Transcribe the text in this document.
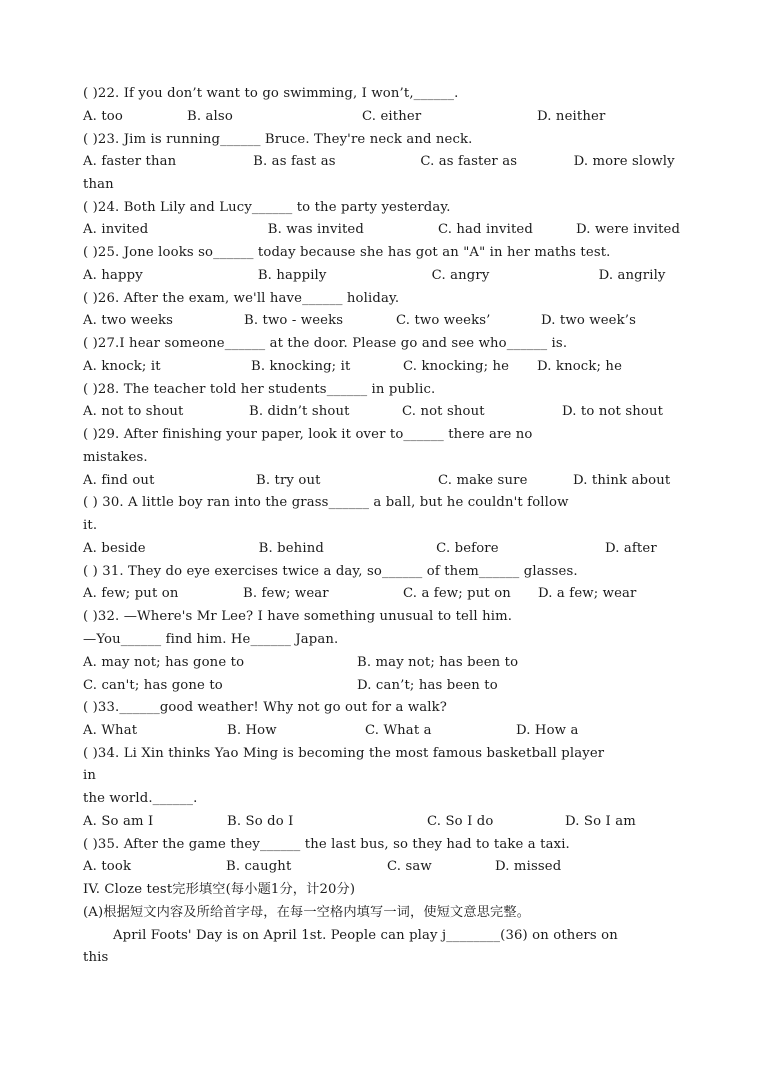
( )22. If you don’t want to go swimming, I won’t,______.
A. too	B. also	C. either	D. neither
( )23. Jim is running______ Bruce. They're neck and neck.
A. faster than	B. as fast as	C. as faster as	D. more slowly
than
( )24. Both Lily and Lucy______ to the party yesterday.
A. invited	B. was invited	C. had invited	D. were invited
( )25. Jone looks so______ today because she has got an "A" in her maths test.
A. happy	B. happily	C. angry	D. angrily
( )26. After the exam, we'll have______ holiday.
A. two weeks	B. two - weeks	C. two weeks’	D. two week’s
( )27.I hear someone______ at the door. Please go and see who______ is.
A. knock; it	B. knocking; it	C. knocking; he	D. knock; he
( )28. The teacher told her students______ in public.
A. not to shout	B. didn’t shout	C. not shout	D. to not shout
( )29. After finishing your paper, look it over to______ there are no
mistakes.
A. find out	B. try out	C. make sure	D. think about
( ) 30. A little boy ran into the grass______ a ball, but he couldn't follow
it.
A. beside	B. behind	C. before	D. after
( ) 31. They do eye exercises twice a day, so______ of them______ glasses.
A. few; put on	B. few; wear	C. a few; put on	D. a few; wear
( )32. —Where's Mr Lee? I have something unusual to tell him.
—You______ find him. He______ Japan.
A. may not; has gone to	B. may not; has been to
C. can't; has gone to	D. can’t; has been to
( )33.______good weather! Why not go out for a walk?
A. What	B. How	C. What a	D. How a
( )34. Li Xin thinks Yao Ming is becoming the most famous basketball player
in
the world.______.
A. So am I	B. So do I	C. So I do	D. So I am
( )35. After the game they______ the last bus, so they had to take a taxi.
A. took	B. caught	C. saw	D. missed
IV. Cloze test完形填空(每小题1分，计20分)
(A)根据短文内容及所给首字母，在每一空格内填写一词，使短文意思完整。
April Foots' Day is on April 1st. People can play j________(36) on others on
this
